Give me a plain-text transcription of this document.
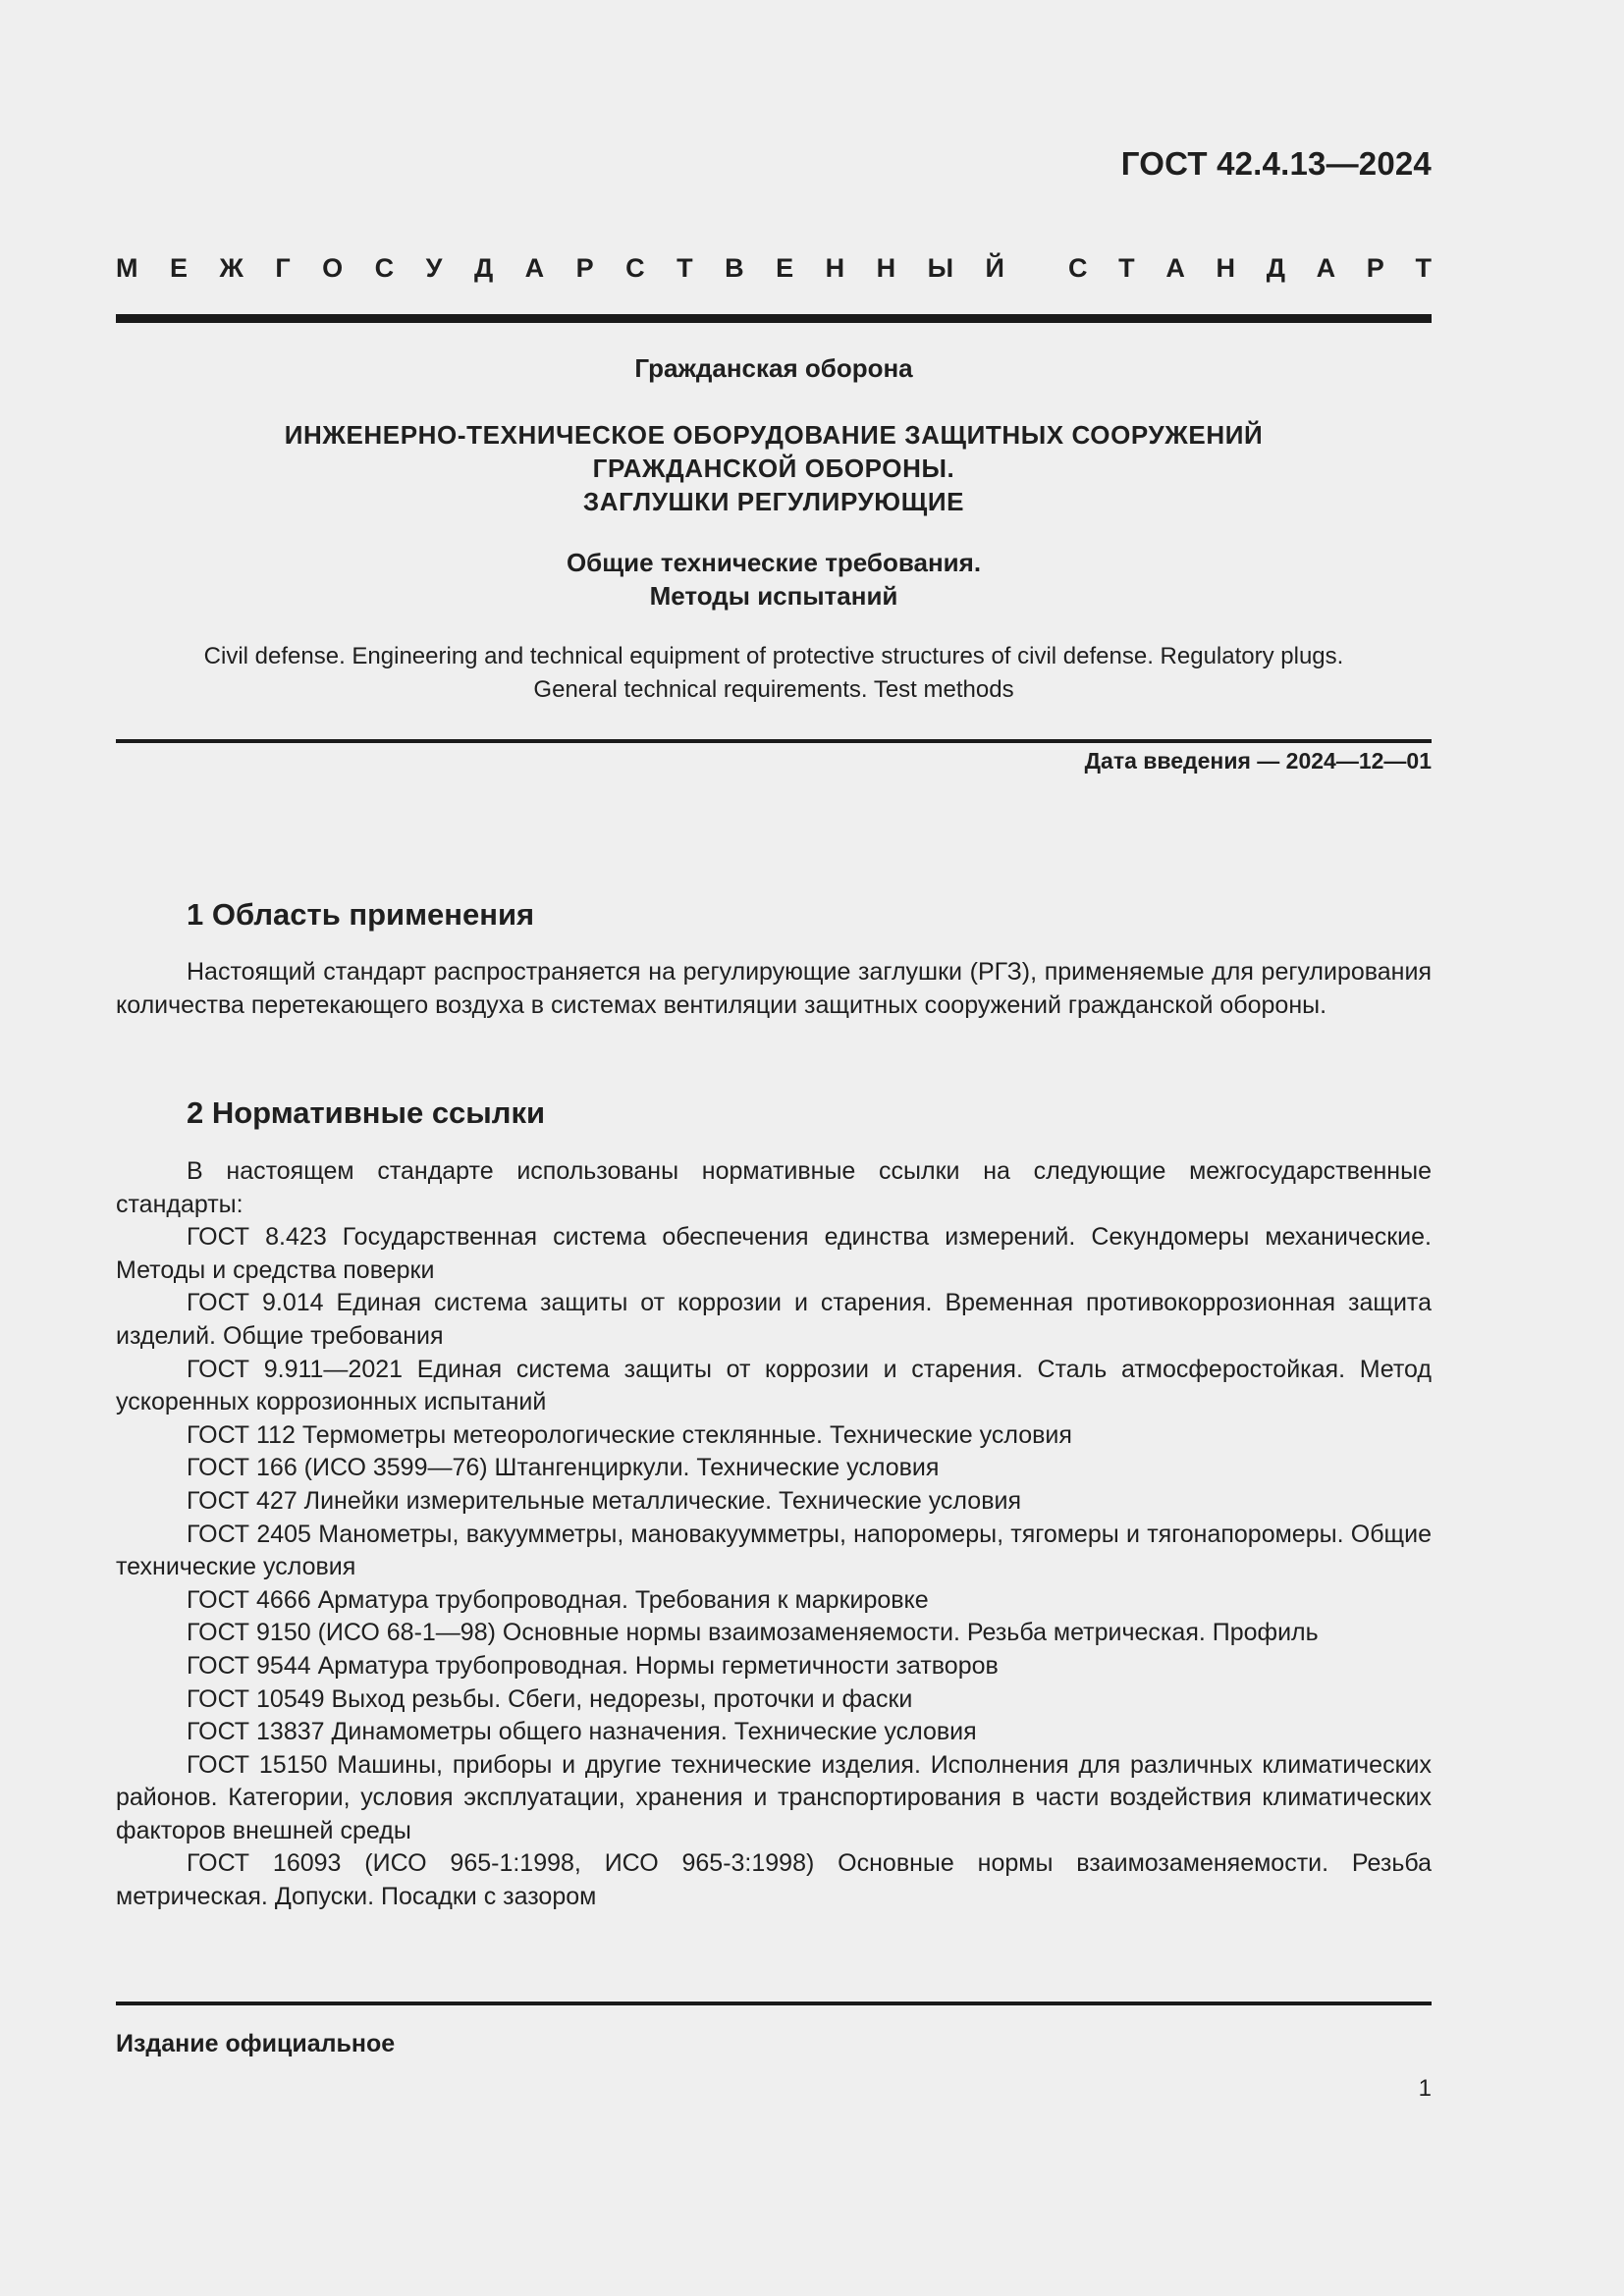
ГОСТ 42.4.13—2024
М Е Ж Г О С У Д А Р С Т В Е Н Н Ы Й С Т А Н Д А Р Т
Гражданская оборона
ИНЖЕНЕРНО-ТЕХНИЧЕСКОЕ ОБОРУДОВАНИЕ ЗАЩИТНЫХ СООРУЖЕНИЙ
ГРАЖДАНСКОЙ ОБОРОНЫ.
ЗАГЛУШКИ РЕГУЛИРУЮЩИЕ
Общие технические требования.
Методы испытаний
Civil defense. Engineering and technical equipment of protective structures of civil defense. Regulatory plugs.
General technical requirements. Test methods
Дата введения — 2024—12—01
1 Область применения

Настоящий стандарт распространяется на регулирующие заглушки (РГЗ), применяемые для регулирования количества перетекающего воздуха в системах вентиляции защитных сооружений гражданской обороны.

2 Нормативные ссылки

В настоящем стандарте использованы нормативные ссылки на следующие межгосударственные стандарты:

ГОСТ 8.423 Государственная система обеспечения единства измерений. Секундомеры механические. Методы и средства поверки

ГОСТ 9.014 Единая система защиты от коррозии и старения. Временная противокоррозионная защита изделий. Общие требования

ГОСТ 9.911—2021 Единая система защиты от коррозии и старения. Сталь атмосферостойкая. Метод ускоренных коррозионных испытаний

ГОСТ 112 Термометры метеорологические стеклянные. Технические условия

ГОСТ 166 (ИСО 3599—76) Штангенциркули. Технические условия

ГОСТ 427 Линейки измерительные металлические. Технические условия

ГОСТ 2405 Манометры, вакуумметры, мановакуумметры, напоромеры, тягомеры и тягонапоромеры. Общие технические условия

ГОСТ 4666 Арматура трубопроводная. Требования к маркировке

ГОСТ 9150 (ИСО 68-1—98) Основные нормы взаимозаменяемости. Резьба метрическая. Профиль

ГОСТ 9544 Арматура трубопроводная. Нормы герметичности затворов

ГОСТ 10549 Выход резьбы. Сбеги, недорезы, проточки и фаски

ГОСТ 13837 Динамометры общего назначения. Технические условия

ГОСТ 15150 Машины, приборы и другие технические изделия. Исполнения для различных климатических районов. Категории, условия эксплуатации, хранения и транспортирования в части воздействия климатических факторов внешней среды

ГОСТ 16093 (ИСО 965-1:1998, ИСО 965-3:1998) Основные нормы взаимозаменяемости. Резьба метрическая. Допуски. Посадки с зазором

Издание официальное
1
